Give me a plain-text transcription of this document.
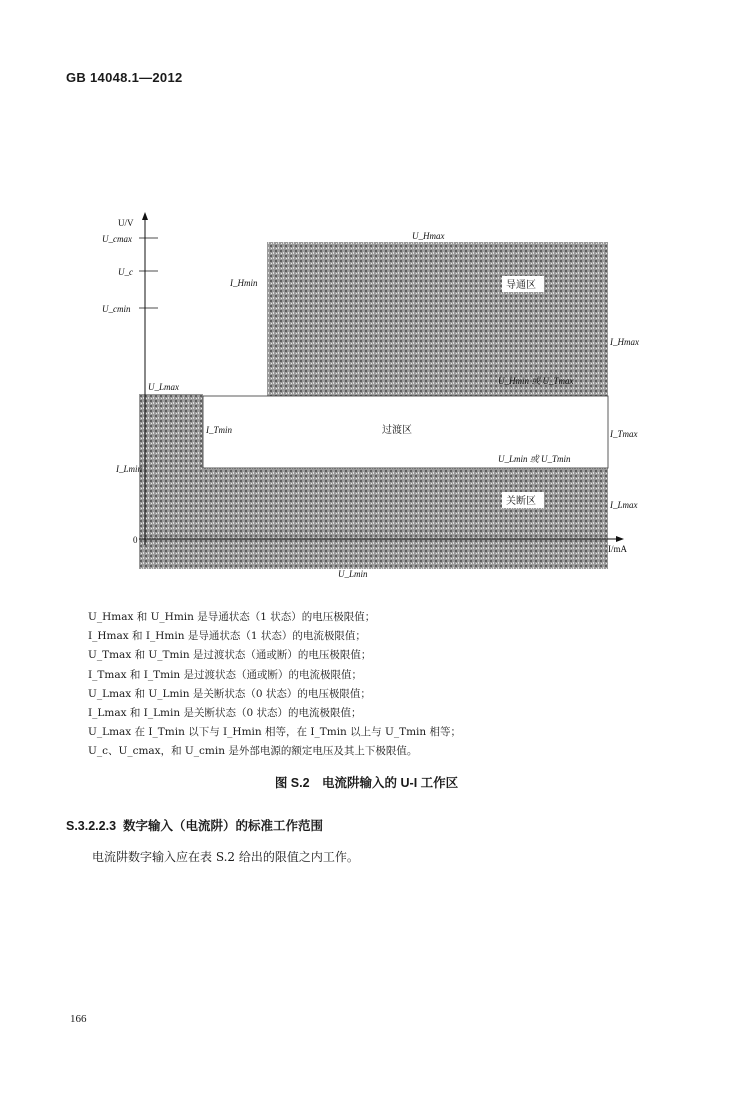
GB 14048.1—2012
U/V
I/mA
0
U_cmax
U_c
U_cmin
U_Hmax
I_Hmin
I_Hmax
U_Hmin 或 U_Tmax
U_Lmax
I_Tmin	I_Tmax
U_Lmin 或 U_Tmin
I_Lmin
I_Lmax
U_Lmin
导通区
过渡区
关断区
U_Hmax 和 U_Hmin 是导通状态（1 状态）的电压极限值；
I_Hmax 和 I_Hmin 是导通状态（1 状态）的电流极限值；
U_Tmax 和 U_Tmin 是过渡状态（通或断）的电压极限值；
I_Tmax 和 I_Tmin 是过渡状态（通或断）的电流极限值；
U_Lmax 和 U_Lmin 是关断状态（0 状态）的电压极限值；
I_Lmax 和 I_Lmin 是关断状态（0 状态）的电流极限值；
U_Lmax 在 I_Tmin 以下与 I_Hmin 相等，在 I_Tmin 以上与 U_Tmin 相等；
U_c、U_cmax，和 U_cmin 是外部电源的额定电压及其上下极限值。
图 S.2　电流阱输入的 U-I 工作区
S.3.2.2.3 数字输入（电流阱）的标准工作范围
电流阱数字输入应在表 S.2 给出的限值之内工作。
166
